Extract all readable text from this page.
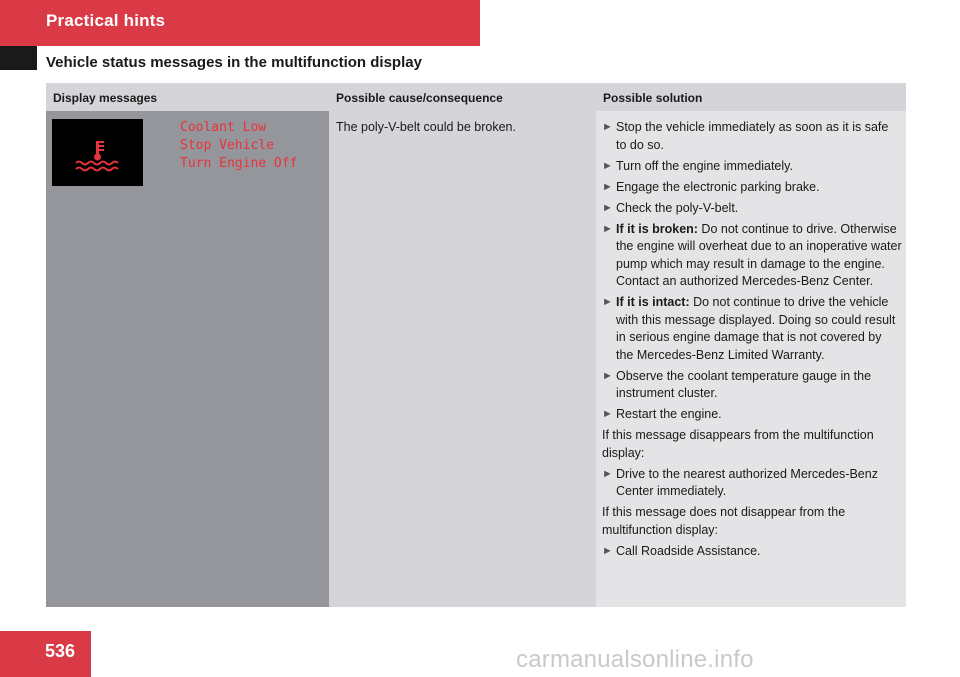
Practical hints
Vehicle status messages in the multifunction display
Display messages	Possible cause/consequence	Possible solution
Coolant Low
Stop Vehicle
Turn Engine Off
The poly-V-belt could be broken.	► Stop the vehicle immediately as soon as it is safe to do so.
► Turn off the engine immediately.
► Engage the electronic parking brake.
► Check the poly-V-belt.
► If it is broken: Do not continue to drive. Otherwise the engine will overheat due to an inoperative water pump which may result in damage to the engine. Contact an authorized Mercedes-Benz Center.
► If it is intact: Do not continue to drive the vehicle with this message displayed. Doing so could result in serious engine damage that is not covered by the Mercedes-Benz Limited Warranty.
► Observe the coolant temperature gauge in the instrument cluster.
► Restart the engine.
If this message disappears from the multifunction display:
► Drive to the nearest authorized Mercedes-Benz Center immediately.
If this message does not disappear from the multifunction display:
► Call Roadside Assistance.
536	carmanualsonline.info
